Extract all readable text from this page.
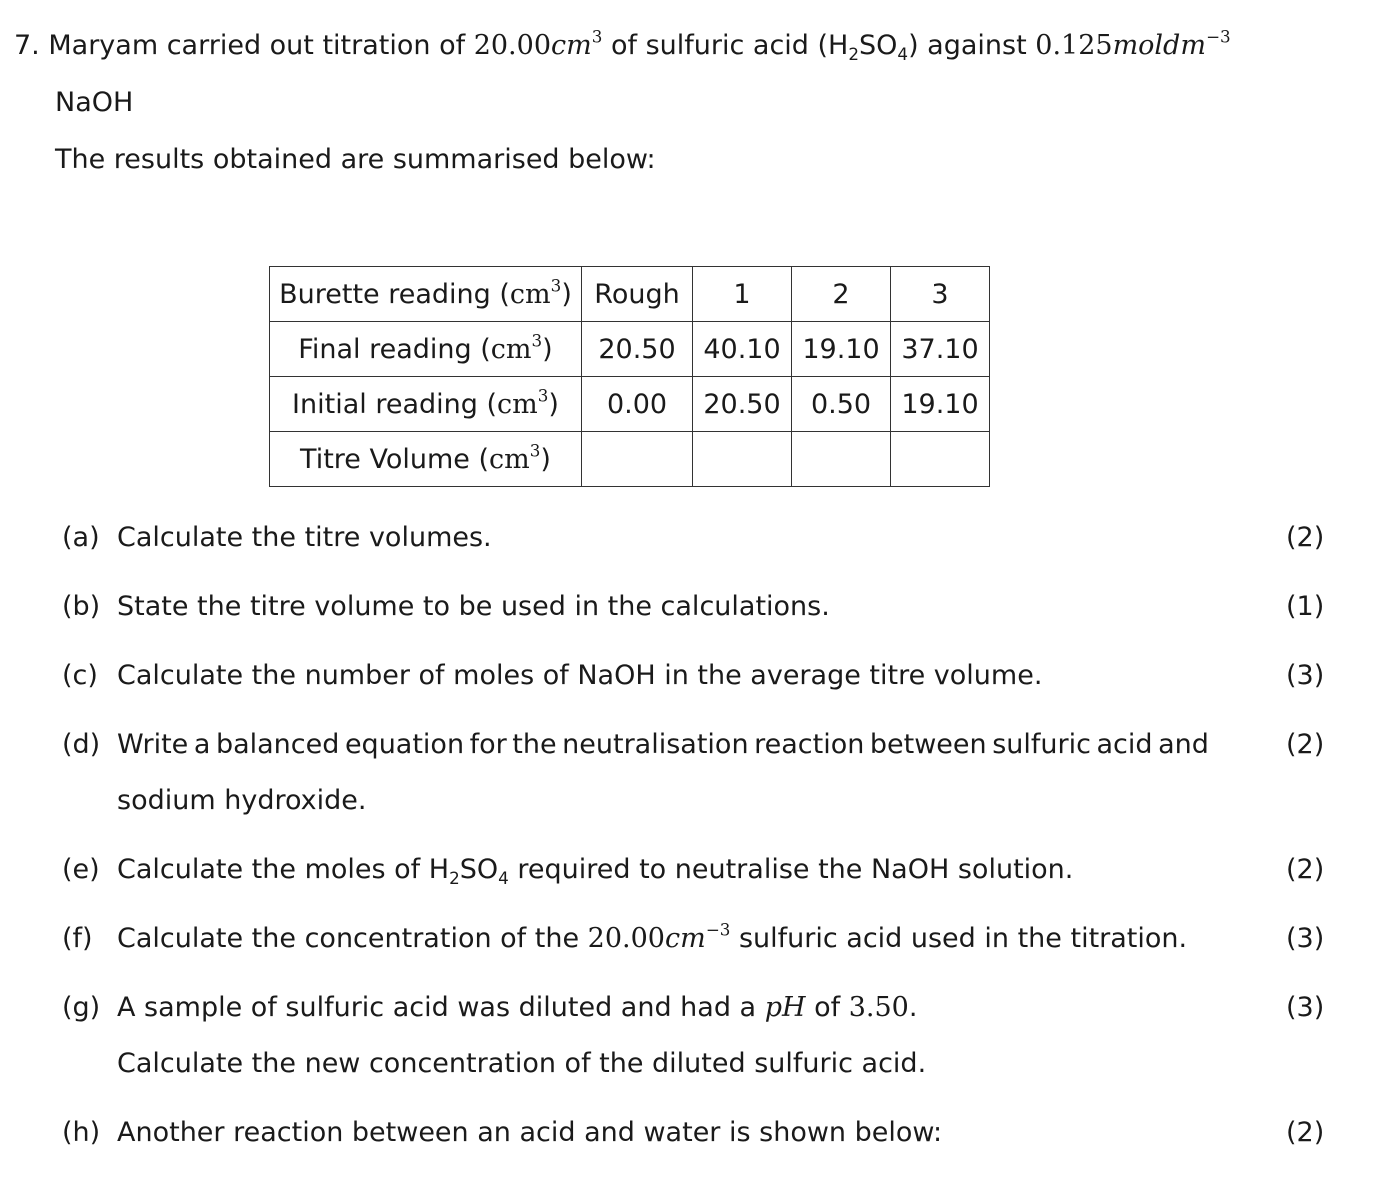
7. Maryam carried out titration of $20.00cm^3$ of sulfuric acid $(H_2SO_4)$ against 0.125moldm$^{-3}$
NaOH
The results obtained are summarised below:
Burette reading $(cm^3)$	Rough	1	2	3
Final reading $(cm^3)$	20.50	40.10	19.10	37.10
Initial reading $(cm^3)$	0.00	20.50	0.50	19.10
Titre Volume $(cm^3)$				
(a) Calculate the titre volumes.	(2)
(b) State the titre volume to be used in the calculations.	(1)
(c) Calculate the number of moles of NaOH in the average titre volume.	(3)
(d) Write a balanced equation for the neutralisation reaction between sulfuric acid and
sodium hydroxide.
(2)
(e) Calculate the moles of $H_2SO_4$ required to neutralise the NaOH solution.	(2)
(f) Calculate the concentration of the $20.00cm^{-3}$ sulfuric acid used in the titration.	(3)
(g) A sample of sulfuric acid was diluted and had a pH of 3.50.
Calculate the new concentration of the diluted sulfuric acid.
(3)
(h) Another reaction between an acid and water is shown below:	(2)
